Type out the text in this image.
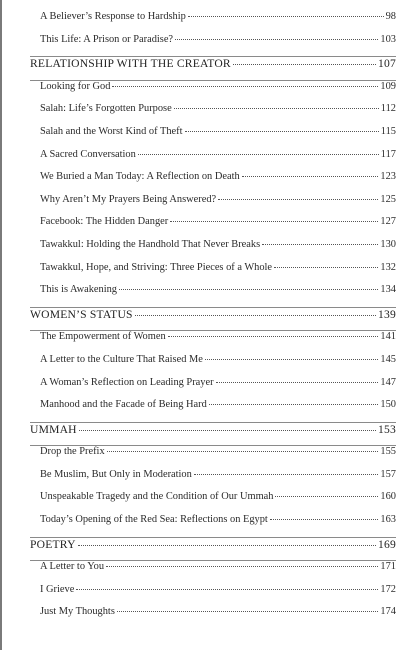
A Believer’s Response to Hardship	98
This Life: A Prison or Paradise?	103
RELATIONSHIP WITH THE CREATOR	107
Looking for God	109
Salah: Life’s Forgotten Purpose	112
Salah and the Worst Kind of Theft	115
A Sacred Conversation	117
We Buried a Man Today: A Reflection on Death	123
Why Aren’t My Prayers Being Answered?	125
Facebook: The Hidden Danger	127
Tawakkul: Holding the Handhold That Never Breaks	130
Tawakkul, Hope, and Striving: Three Pieces of a Whole	132
This is Awakening	134
WOMEN’S STATUS	139
The Empowerment of Women	141
A Letter to the Culture That Raised Me	145
A Woman’s Reflection on Leading Prayer	147
Manhood and the Facade of Being Hard	150
UMMAH	153
Drop the Prefix	155
Be Muslim, But Only in Moderation	157
Unspeakable Tragedy and the Condition of Our Ummah	160
Today’s Opening of the Red Sea: Reflections on Egypt	163
POETRY	169
A Letter to You	171
I Grieve	172
Just My Thoughts	174
